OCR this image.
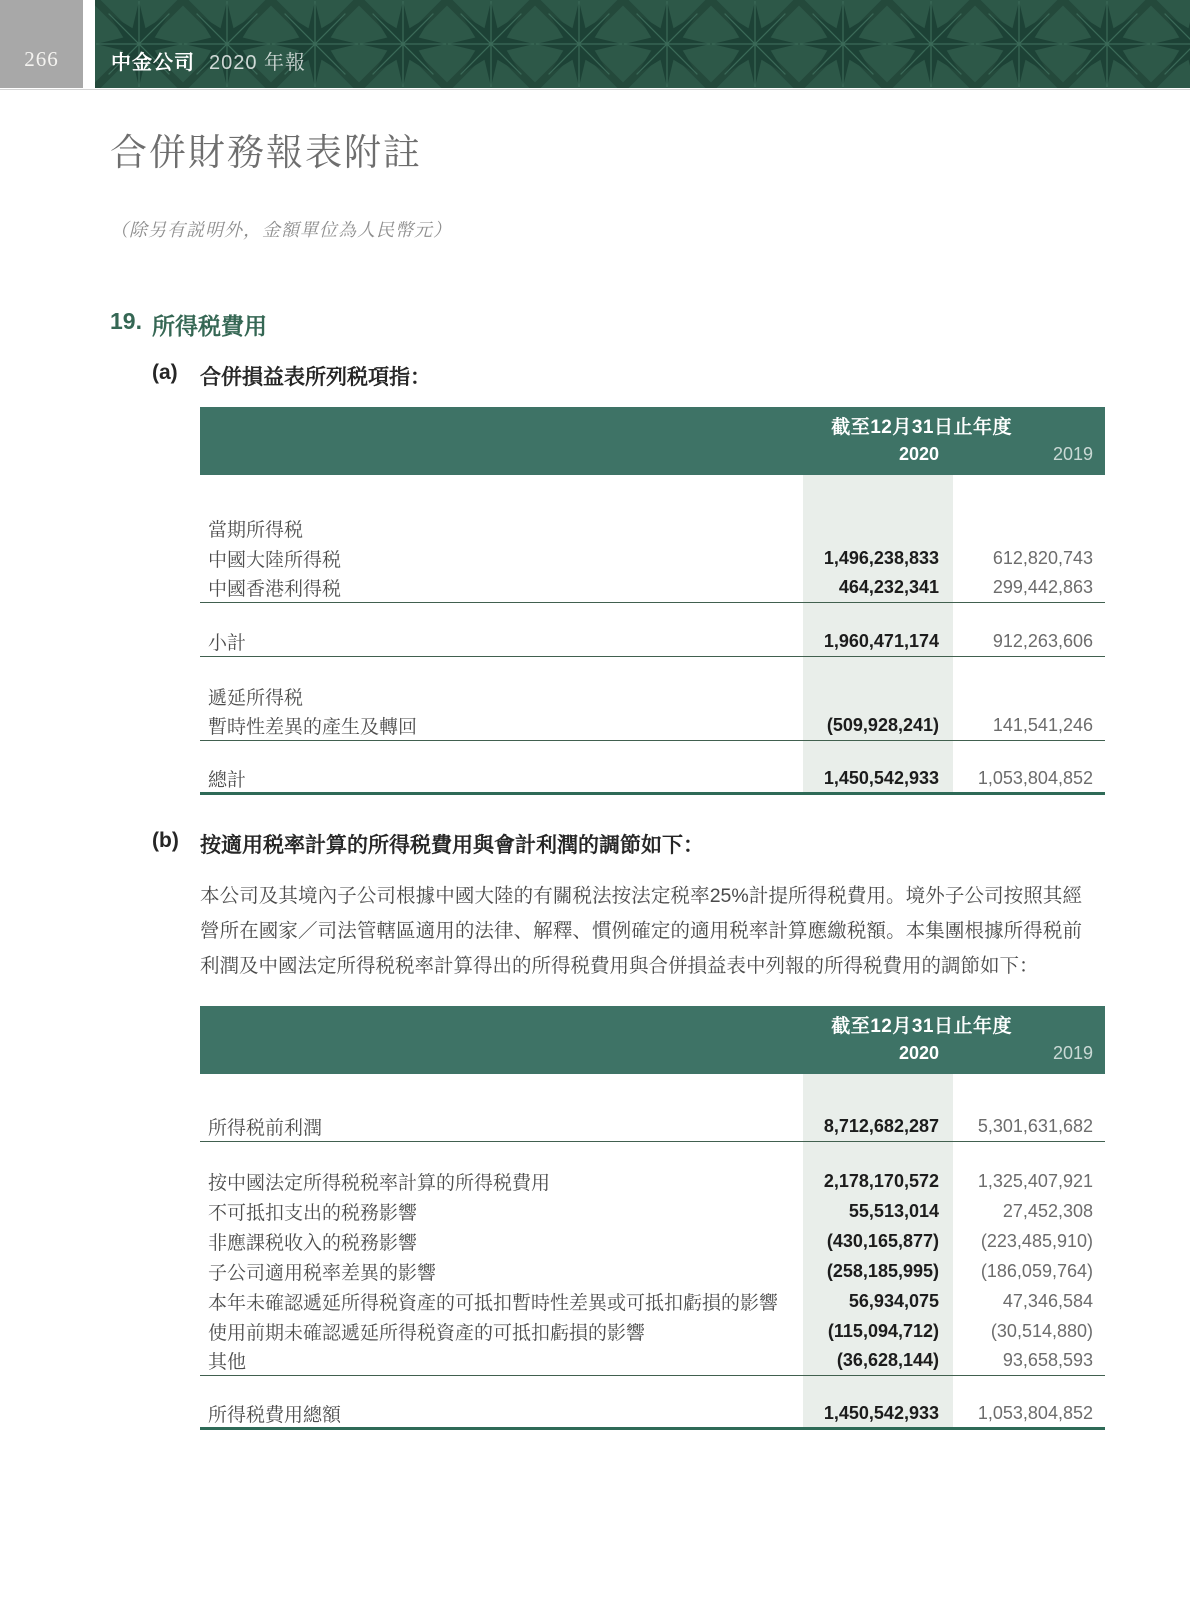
266	中金公司 2020 年報
合併財務報表附註

（除另有説明外，金額單位為人民幣元）

19. 所得税費用
(a)	合併損益表所列税項指：
截至12月31日止年度
2020	2019
當期所得税
中國大陸所得税	1,496,238,833	612,820,743
中國香港利得税	464,232,341	299,442,863
小計	1,960,471,174	912,263,606
遞延所得税
暫時性差異的產生及轉回	(509,928,241)	141,541,246
總計	1,450,542,933	1,053,804,852
(b)	按適用税率計算的所得税費用與會計利潤的調節如下：

本公司及其境內子公司根據中國大陸的有關税法按法定税率25%計提所得税費用。境外子公司按照其經營所在國家／司法管轄區適用的法律、解釋、慣例確定的適用税率計算應繳税額。本集團根據所得税前利潤及中國法定所得税税率計算得出的所得税費用與合併損益表中列報的所得税費用的調節如下：

截至12月31日止年度
2020	2019
所得税前利潤	8,712,682,287	5,301,631,682
按中國法定所得税税率計算的所得税費用	2,178,170,572	1,325,407,921
不可抵扣支出的税務影響	55,513,014	27,452,308
非應課税收入的税務影響	(430,165,877)	(223,485,910)
子公司適用税率差異的影響	(258,185,995)	(186,059,764)
本年未確認遞延所得税資產的可抵扣暫時性差異或可抵扣虧損的影響	56,934,075	47,346,584
使用前期未確認遞延所得税資產的可抵扣虧損的影響	(115,094,712)	(30,514,880)
其他	(36,628,144)	93,658,593
所得税費用總額	1,450,542,933	1,053,804,852
